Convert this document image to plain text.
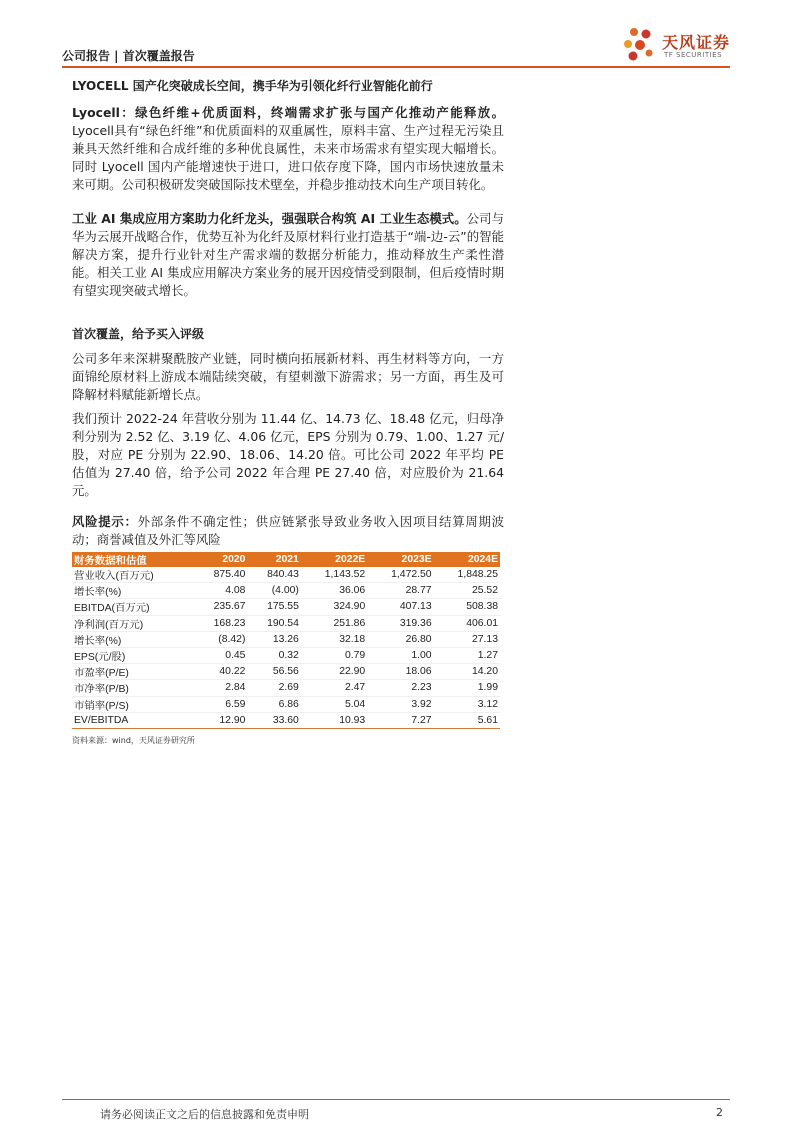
公司报告 | 首次覆盖报告
天风证券
TF SECURITIES
LYOCELL 国产化突破成长空间，携手华为引领化纤行业智能化前行
Lyocell：绿色纤维+优质面料，终端需求扩张与国产化推动产能释放。Lyocell具有“绿色纤维”和优质面料的双重属性，原料丰富、生产过程无污染且兼具天然纤维和合成纤维的多种优良属性，未来市场需求有望实现大幅增长。同时 Lyocell 国内产能增速快于进口，进口依存度下降，国内市场快速放量未来可期。公司积极研发突破国际技术壁垒，并稳步推动技术向生产项目转化。
工业 AI 集成应用方案助力化纤龙头，强强联合构筑 AI 工业生态模式。公司与华为云展开战略合作，优势互补为化纤及原材料行业打造基于“端-边-云”的智能解决方案，提升行业针对生产需求端的数据分析能力，推动释放生产柔性潜能。相关工业 AI 集成应用解决方案业务的展开因疫情受到限制，但后疫情时期有望实现突破式增长。
首次覆盖，给予买入评级
公司多年来深耕聚酰胺产业链，同时横向拓展新材料、再生材料等方向，一方面锦纶原材料上游成本端陆续突破，有望刺激下游需求；另一方面，再生及可降解材料赋能新增长点。
我们预计 2022-24 年营收分别为 11.44 亿、14.73 亿、18.48 亿元，归母净利分别为 2.52 亿、3.19 亿、4.06 亿元，EPS 分别为 0.79、1.00、1.27 元/股，对应 PE 分别为 22.90、18.06、14.20 倍。可比公司 2022 年平均 PE 估值为 27.40 倍，给予公司 2022 年合理 PE 27.40 倍，对应股价为 21.64 元。
风险提示：外部条件不确定性；供应链紧张导致业务收入因项目结算周期波动；商誉减值及外汇等风险
财务数据和估值	2020	2021	2022E	2023E	2024E
营业收入(百万元)	875.40	840.43	1,143.52	1,472.50	1,848.25
增长率(%)	4.08	(4.00)	36.06	28.77	25.52
EBITDA(百万元)	235.67	175.55	324.90	407.13	508.38
净利润(百万元)	168.23	190.54	251.86	319.36	406.01
增长率(%)	(8.42)	13.26	32.18	26.80	27.13
EPS(元/股)	0.45	0.32	0.79	1.00	1.27
市盈率(P/E)	40.22	56.56	22.90	18.06	14.20
市净率(P/B)	2.84	2.69	2.47	2.23	1.99
市销率(P/S)	6.59	6.86	5.04	3.92	3.12
EV/EBITDA	12.90	33.60	10.93	7.27	5.61
资料来源：wind，天风证券研究所
请务必阅读正文之后的信息披露和免责申明	2
